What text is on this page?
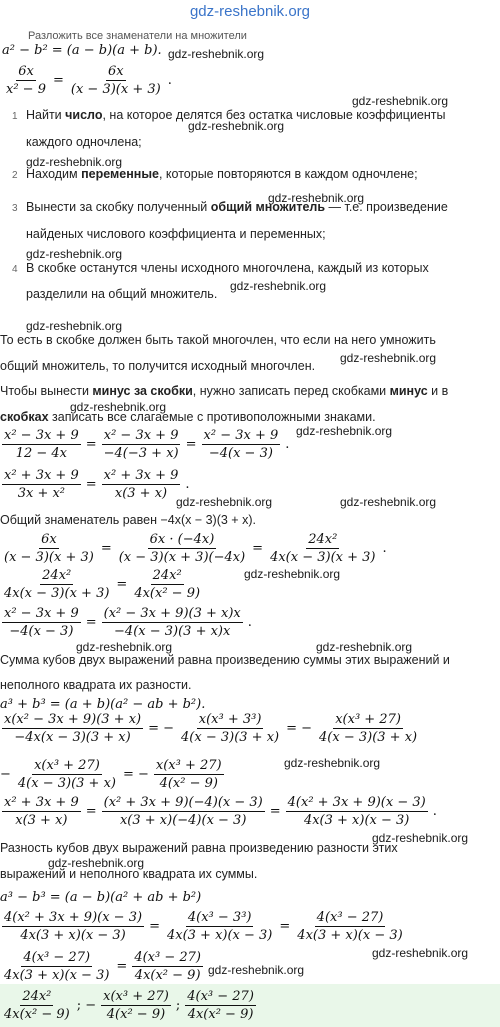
gdz-reshebnik.org
Разложить все знаменатели на множители
a² − b² = (a − b)(a + b).
$\frac{6x}{\text{x² − 9}} = \frac{6x}{(x - 3)(x + 3)}$ .
1 Найти число, на которое делятся без остатка числовые коэффициенты
каждого одночлена;
2 Находим переменные, которые повторяются в каждом одночлене;
3 Вынести за скобку полученный общий множитель — т.е. произведение
найденых числового коэффициента и переменных;
4 В скобке останутся члены исходного многочлена, каждый из которых
разделили на общий множитель.
То есть в скобке должен быть такой многочлен, что если на него умножить
общий множитель, то получится исходный многочлен.
Чтобы вынести минус за скобки, нужно записать перед скобками минус и в
скобках записать все слагаемые с противоположными знаками.
$\frac{\text{x² − 3x + 9}}{12 - 4x} = \frac{\text{x² − 3x + 9}}{-4(-3 + x)} = \frac{\text{x² − 3x + 9}}{-4(x - 3)}$ .
$\frac{\text{x² + 3x + 9}}{\text{3x + x²}} = \frac{\text{x² + 3x + 9}}{x(3 + x)}$ .
Общий знаменатель равен −4x(x − 3)(3 + x).
$\frac{6x}{(x - 3)(x + 3)} = \frac{6x \cdot (-4x)}{(x - 3)(x + 3)(-4x)} = \frac{\text{24x²}}{4x(x - 3)(x + 3)}$ .
$\frac{\text{24x²}}{4x(x - 3)(x + 3)} = \frac{\text{24x²}}{\text{4x(x² − 9)}}$
$\frac{\text{x² − 3x + 9}}{-4(x - 3)} = \frac{\text{(x² − 3x + 9)(3 + x)x}}{-4(x - 3)(3 + x)x}$ .
Сумма кубов двух выражений равна произведению суммы этих выражений и
неполного квадрата их разности.
a³ + b³ = (a + b)(a² − ab + b²).
$\frac{\text{x(x² − 3x + 9)(3 + x)}}{-4x(x - 3)(3 + x)}$ = − $\frac{\text{x(x³ + 3³)}}{4(x - 3)(3 + x)}$ = − $\frac{\text{x(x³ + 27)}}{4(x - 3)(3 + x)}$
− $\frac{\text{x(x³ + 27)}}{4(x - 3)(3 + x)}$ = − $\frac{\text{x(x³ + 27)}}{\text{4(x² − 9)}}$
$\frac{\text{x² + 3x + 9}}{x(3 + x)} = \frac{\text{(x² + 3x + 9)(−4)(x − 3)}}{x(3 + x)(-4)(x - 3)} = \frac{\text{4(x² + 3x + 9)(x − 3)}}{4x(3 + x)(x - 3)}$ .
Разность кубов двух выражений равна произведению разности этих
выражений и неполного квадрата их суммы.
a³ − b³ = (a − b)(a² + ab + b²)
$\frac{\text{4(x² + 3x + 9)(x − 3)}}{4x(3 + x)(x - 3)} = \frac{\text{4(x³ − 3³)}}{4x(3 + x)(x - 3)} = \frac{\text{4(x³ − 27)}}{4x(3 + x)(x - 3)}$
$\frac{\text{4(x³ − 27)}}{4x(3 + x)(x - 3)} = \frac{\text{4(x³ − 27)}}{\text{4x(x² − 9)}}$
$\frac{\text{24x²}}{\text{4x(x² − 9)}}$ ; − $\frac{\text{x(x³ + 27)}}{\text{4(x² − 9)}}$ ; $\frac{\text{4(x³ − 27)}}{\text{4x(x² − 9)}}$
gdz-reshebnik.org
gdz-reshebnik.org
gdz-reshebnik.org
gdz-reshebnik.org
gdz-reshebnik.org
gdz-reshebnik.org
gdz-reshebnik.org
gdz-reshebnik.org
gdz-reshebnik.org
gdz-reshebnik.org
gdz-reshebnik.org
gdz-reshebnik.org	gdz-reshebnik.org
gdz-reshebnik.org
gdz-reshebnik.org	gdz-reshebnik.org
gdz-reshebnik.org
gdz-reshebnik.org
gdz-reshebnik.org
gdz-reshebnik.org
gdz-reshebnik.org
